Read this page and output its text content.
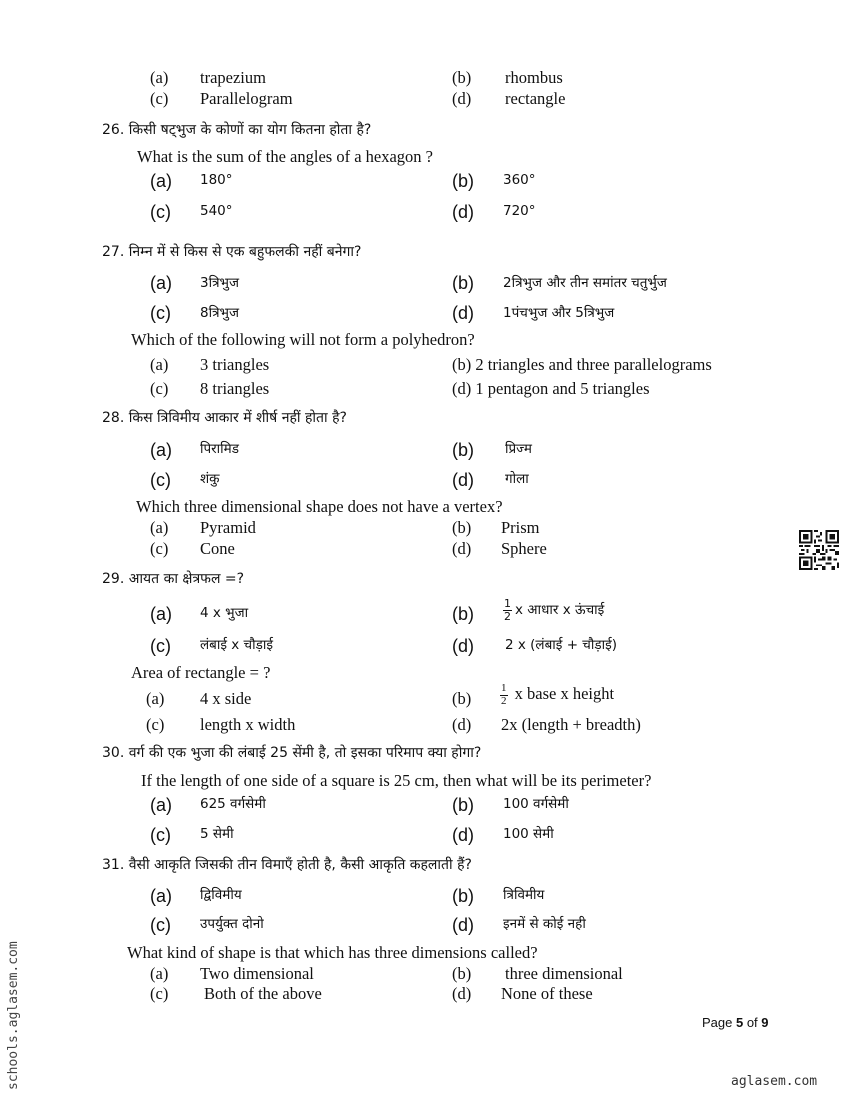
(a) trapezium	(b) rhombus
(c) Parallelogram	(d) rectangle
26. किसी षट्भुज के कोणों का योग कितना होता है?
What is the sum of the angles of a hexagon ?
(a) 180°	(b) 360°
(c) 540°	(d) 720°
27. निम्न में से किस से एक बहुफलकी नहीं बनेगा?
(a) 3त्रिभुज	(b) 2त्रिभुज और तीन समांतर चतुर्भुज
(c) 8त्रिभुज	(d) 1पंचभुज और 5त्रिभुज
Which of the following will not form a polyhedron?
(a) 3 triangles	(b) 2 triangles and three parallelograms
(c) 8 triangles	(d) 1 pentagon and 5 triangles
28. किस त्रिविमीय आकार में शीर्ष नहीं होता है?
(a) पिरामिड	(b) प्रिज्म
(c) शंकु	(d) गोला
Which three dimensional shape does not have a vertex?
(a) Pyramid	(b) Prism
(c) Cone	(d) Sphere
29. आयत का क्षेत्रफल =?
(a) 4 x भुजा	(b)	$\frac{1}{2}$ x आधार x ऊंचाई
(c) लंबाई x चौड़ाई	(d) 2 x (लंबाई + चौड़ाई)
Area of rectangle = ?
(a) 4 x side	(b)	$\frac{1}{2}$ x base x height
(c) length x width	(d) 2x (length + breadth)
30. वर्ग की एक भुजा की लंबाई 25 सेंमी है, तो इसका परिमाप क्या होगा?
If the length of one side of a square is 25 cm, then what will be its perimeter?
(a) 625 वर्गसेमी	(b) 100 वर्गसेमी
(c) 5 सेमी	(d) 100 सेमी
31. वैसी आकृति जिसकी तीन विमाएँ होती है, कैसी आकृति कहलाती हैं?
(a) द्विविमीय	(b) त्रिविमीय
(c) उपर्युक्त दोनो	(d) इनमें से कोई नही
What kind of shape is that which has three dimensions called?
(a) Two dimensional	(b) three dimensional
(c) Both of the above	(d) None of these
Page 5 of 9
schools.aglasem.com	aglasem.com
